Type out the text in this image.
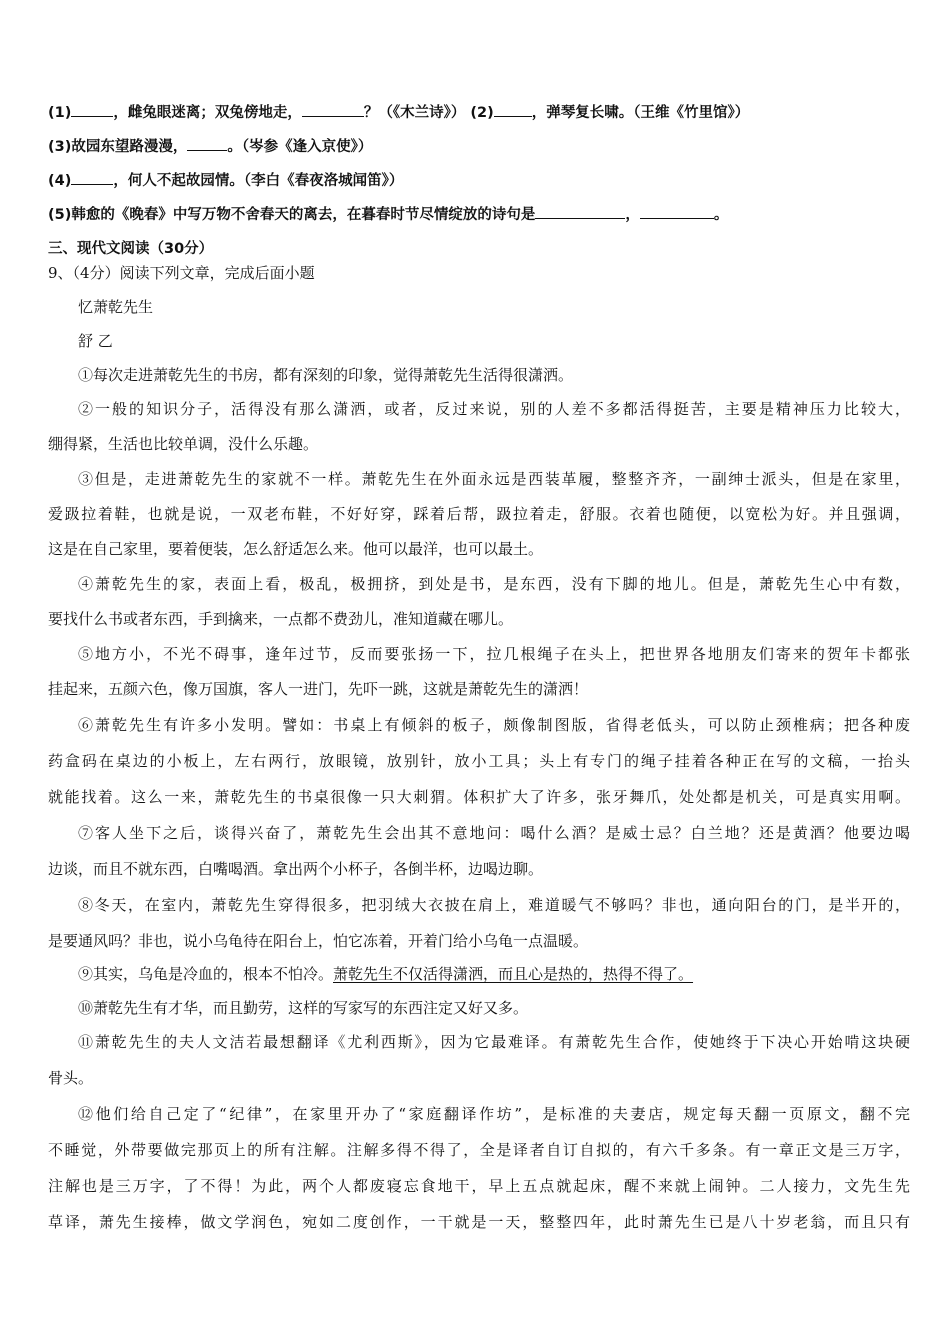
(1)	，雌兔眼迷离；双兔傍地走，	？（《木兰诗》） (2)	，弹琴复长啸。（王维《竹里馆》）
(3)故园东望路漫漫，	。（岑参《逢入京使》）
(4)	，何人不起故园情。（李白《春夜洛城闻笛》）
(5)韩愈的《晚春》中写万物不舍春天的离去，在暮春时节尽情绽放的诗句是	，	。
三、现代文阅读（30分）
9、（4分）阅读下列文章，完成后面小题
忆萧乾先生
舒 乙
①每次走进萧乾先生的书房，都有深刻的印象，觉得萧乾先生活得很潇洒。
②一般的知识分子，活得没有那么潇洒，或者，反过来说，别的人差不多都活得挺苦，主要是精神压力比较大，
绷得紧，生活也比较单调，没什么乐趣。
③但是，走进萧乾先生的家就不一样。萧乾先生在外面永远是西装革履，整整齐齐，一副绅士派头，但是在家里，
爱趿拉着鞋，也就是说，一双老布鞋，不好好穿，踩着后帮，趿拉着走，舒服。衣着也随便，以宽松为好。并且强调，
这是在自己家里，要着便装，怎么舒适怎么来。他可以最洋，也可以最土。
④萧乾先生的家，表面上看，极乱，极拥挤，到处是书，是东西，没有下脚的地儿。但是，萧乾先生心中有数，
要找什么书或者东西，手到擒来，一点都不费劲儿，准知道藏在哪儿。
⑤地方小，不光不碍事，逢年过节，反而要张扬一下，拉几根绳子在头上，把世界各地朋友们寄来的贺年卡都张
挂起来，五颜六色，像万国旗，客人一进门，先吓一跳，这就是萧乾先生的潇洒！
⑥萧乾先生有许多小发明。譬如：书桌上有倾斜的板子，颇像制图版，省得老低头，可以防止颈椎病；把各种废
药盒码在桌边的小板上，左右两行，放眼镜，放别针，放小工具；头上有专门的绳子挂着各种正在写的文稿，一抬头
就能找着。这么一来，萧乾先生的书桌很像一只大刺猬。体积扩大了许多，张牙舞爪，处处都是机关，可是真实用啊。
⑦客人坐下之后，谈得兴奋了，萧乾先生会出其不意地问：喝什么酒？是威士忌？白兰地？还是黄酒？他要边喝
边谈，而且不就东西，白嘴喝酒。拿出两个小杯子，各倒半杯，边喝边聊。
⑧冬天，在室内，萧乾先生穿得很多，把羽绒大衣披在肩上，难道暖气不够吗？非也，通向阳台的门，是半开的，
是要通风吗？非也，说小乌龟待在阳台上，怕它冻着，开着门给小乌龟一点温暖。
⑨其实，乌龟是冷血的，根本不怕冷。萧乾先生不仅活得潇洒，而且心是热的，热得不得了。
⑩萧乾先生有才华，而且勤劳，这样的写家写的东西注定又好又多。
⑪萧乾先生的夫人文洁若最想翻译《尤利西斯》，因为它最难译。有萧乾先生合作，使她终于下决心开始啃这块硬
骨头。
⑫他们给自己定了“纪律”，在家里开办了“家庭翻译作坊”，是标准的夫妻店，规定每天翻一页原文，翻不完
不睡觉，外带要做完那页上的所有注解。注解多得不得了，全是译者自订自拟的，有六千多条。有一章正文是三万字，
注解也是三万字，了不得！为此，两个人都废寝忘食地干，早上五点就起床，醒不来就上闹钟。二人接力，文先生先
草译，萧先生接棒，做文学润色，宛如二度创作，一干就是一天，整整四年，此时萧先生已是八十岁老翁，而且只有
